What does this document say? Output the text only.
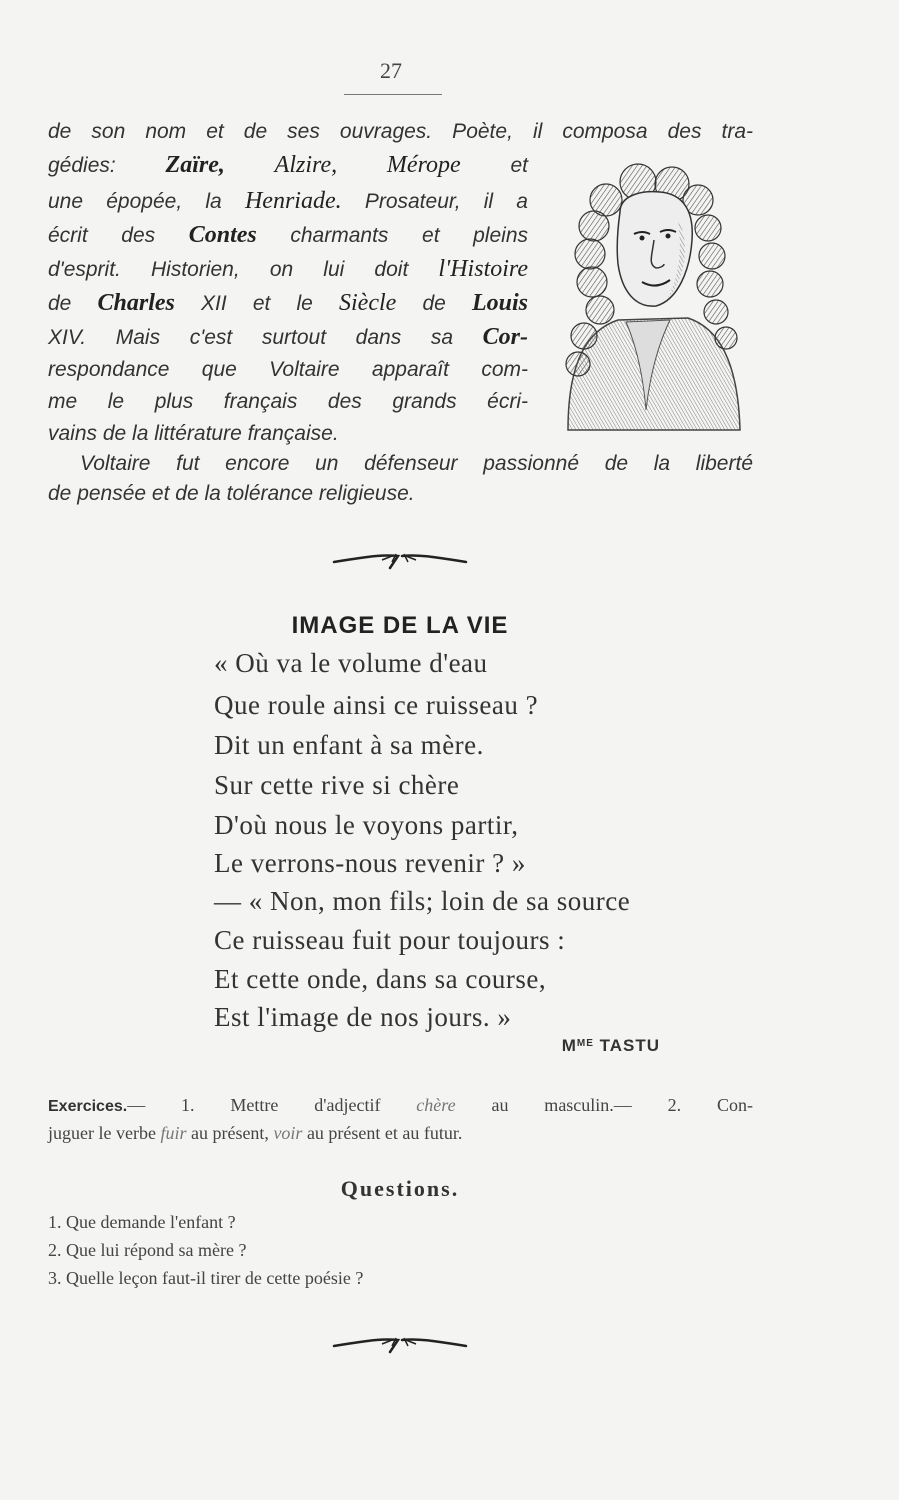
27
de son nom et de ses ouvrages. Poète, il composa des tra-
gédies: Zaïre, Alzire, Mérope et
une épopée, la Henriade. Prosateur, il a
écrit des Contes charmants et pleins
d'esprit. Historien, on lui doit l'Histoire
de Charles XII et le Siècle de Louis
XIV. Mais c'est surtout dans sa Cor-
respondance que Voltaire apparaît com-
me le plus français des grands écri-
vains de la littérature française.
Voltaire fut encore un défenseur passionné de la liberté
de pensée et de la tolérance religieuse.
IMAGE DE LA VIE
« Où va le volume d'eau
Que roule ainsi ce ruisseau ?
Dit un enfant à sa mère.
Sur cette rive si chère
D'où nous le voyons partir,
Le verrons-nous revenir ? »
— « Non, mon fils; loin de sa source
Ce ruisseau fuit pour toujours :
Et cette onde, dans sa course,
Est l'image de nos jours. »
$M^{ME}$ TASTU
Exercices.— 1. Mettre d'adjectif chère au masculin.— 2. Con-
juguer le verbe fuir au présent, voir au présent et au futur.
Questions.
1. Que demande l'enfant ?
2. Que lui répond sa mère ?
3. Quelle leçon faut-il tirer de cette poésie ?
